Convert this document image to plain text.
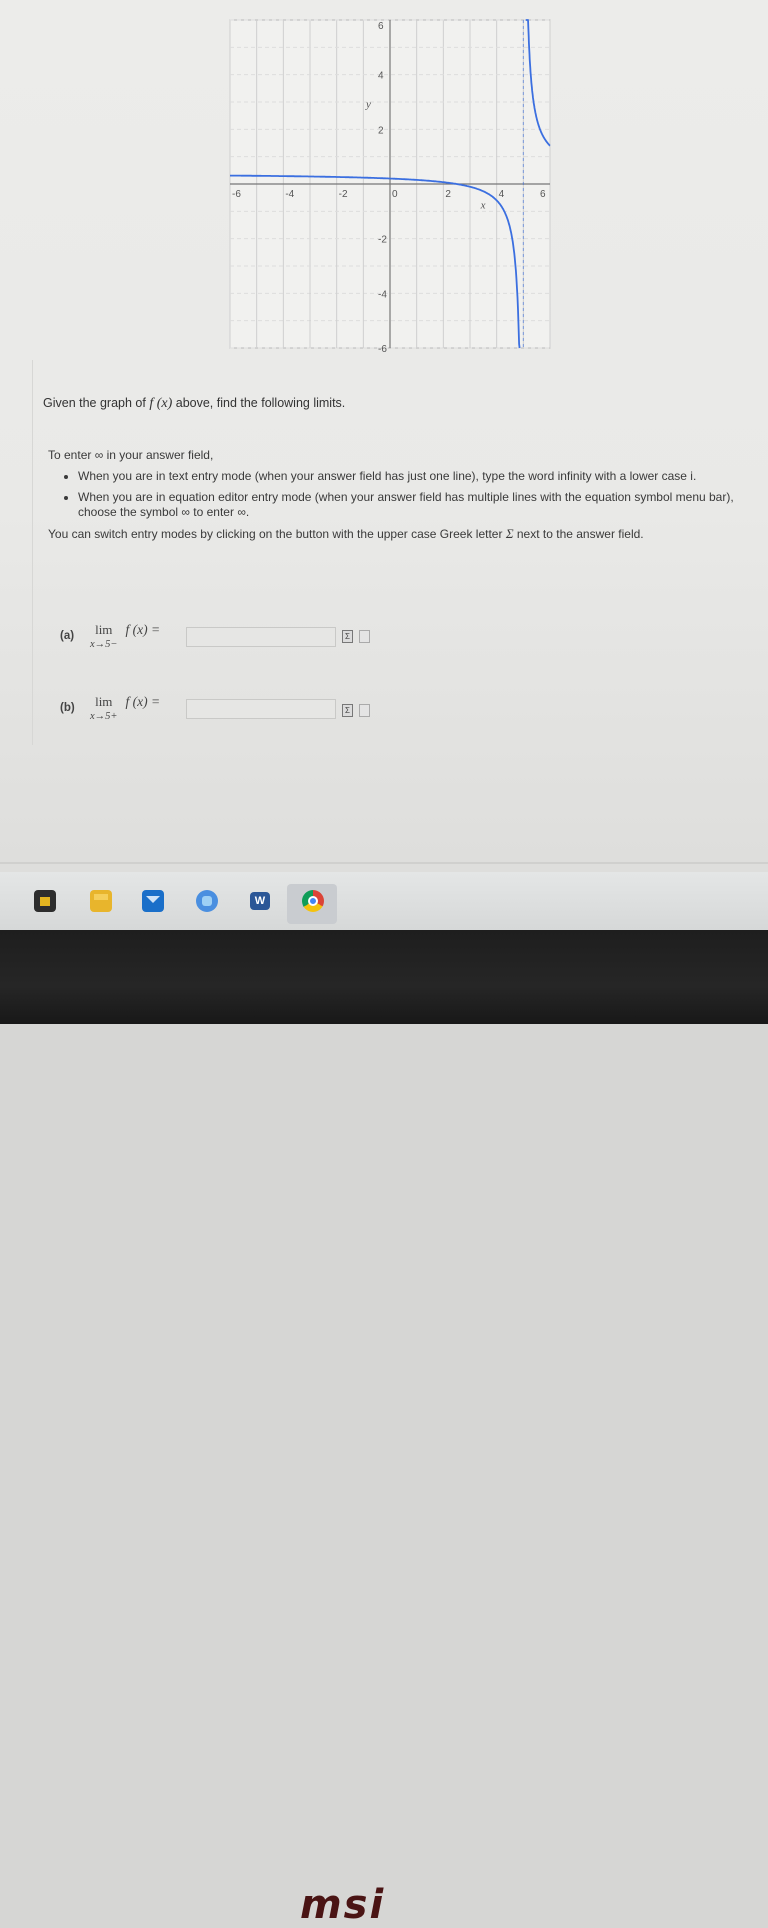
-6	-4	-2	0	2	4	6
6
4
2
-2
-4
-6
x
y
Given the graph of f (x) above, find the following limits.

To enter ∞ in your answer field,

• When you are in text entry mode (when your answer field has just one line), type the word infinity with a lower case i.
• When you are in equation editor entry mode (when your answer field has multiple lines with the equation symbol menu bar), choose the symbol ∞ to enter ∞.

You can switch entry modes by clicking on the button with the upper case Greek letter Σ next to the answer field.

(a)	lim
x→5−
f (x) =	Σ
(b)	lim
x→5+
f (x) =
Σ
W
msi
